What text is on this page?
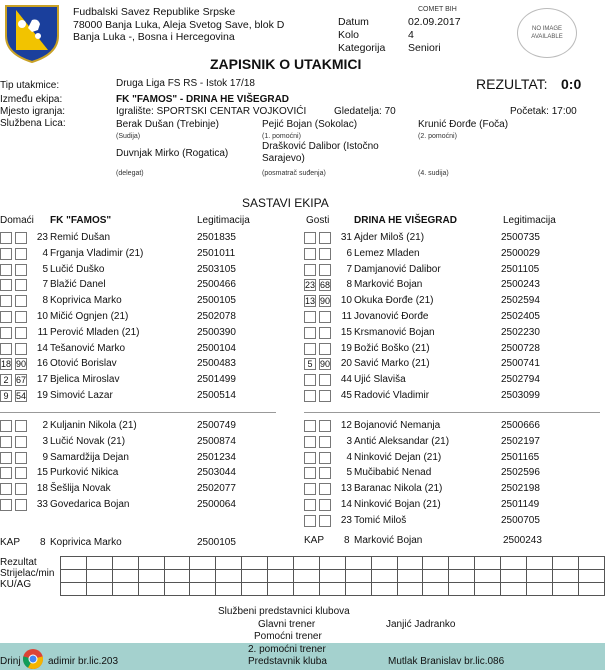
Fudbalski Savez Republike Srpske
78000 Banja Luka, Aleja Svetog Save, blok D
Banja Luka -, Bosna i Hercegovina
COMET BIH
Datum
Kolo
Kategorija
02.09.2017
4
Seniori
NO IMAGE
AVAILABLE
ZAPISNIK O UTAKMICI
Tip utakmice:	Druga Liga FS RS - Istok 17/18	REZULTAT: 0:0
Između ekipa:	FK "FAMOS" - DRINA HE VIŠEGRAD
Mjesto igranja:	Igralište: SPORTSKI CENTAR VOJKOVIĆI	Gledatelja: 70	Početak: 17:00
Službena Lica:	Berak Dušan (Trebinje)
(Sudija)
Pejić Bojan (Sokolac)
(1. pomoćni)
Krunić Đorđe (Foča)
(2. pomoćni)
Duvnjak Mirko (Rogatica)
(delegat)
Drašković Dalibor (Istočno Sarajevo)
(posmatrač suđenja)	(4. sudija)
SASTAVI EKIPA
Domaći FK "FAMOS"	Legitimacija	Gosti DRINA HE VIŠEGRAD	Legitimacija
23 Remić Dušan	2501835
4 Frganja Vladimir (21)	2501011
5 Lučić Duško	2503105
7 Blažić Danel	2500466
8 Koprivica Marko	2500105
10 Mičić Ognjen (21)	2502078
11 Perović Mladen (21)	2500390
14 Tešanović Marko	2500104
18 90	16 Otović Borislav	2500483
2 67	17 Bjelica Miroslav	2501499
9 54	19 Simović Lazar	2500514
31 Ajder Miloš (21)	2500735
6 Lemez Mladen	2500029
7 Damjanović Dalibor	2501105
23 68	8 Marković Bojan	2500243
13 90	10 Okuka Đorđe (21)	2502594
11 Jovanović Đorđe	2502405
15 Krsmanović Bojan	2502230
19 Božić Boško (21)	2500728
5 90	20 Savić Marko (21)	2500741
44 Ujić Slaviša	2502794
45 Radović Vladimir	2503099
2 Kuljanin Nikola (21)	2500749
3 Lučić Novak (21)	2500874
9 Samardžija Dejan	2501234
15 Purković Nikica	2503044
18 Šešlija Novak	2502077
33 Govedarica Bojan	2500064
12 Bojanović Nemanja	2500666
3 Antić Aleksandar (21)	2502197
4 Ninković Dejan (21)	2501165
5 Mučibabić Nenad	2502596
13 Baranac Nikola (21)	2502198
14 Ninković Bojan (21)	2501149
23 Tomić Miloš	2500705
KAP 8 Koprivica Marko	2500105	KAP 8 Marković Bojan	2500243
Rezultat
Strijelac/min
KU/AG

Službeni predstavnici klubova
Glavni trener	Janjić Jadranko
Pomoćni trener
2. pomoćni trener
Predstavnik kluba
Drinj	adimir br.lic.203	Mutlak Branislav br.lic.086
